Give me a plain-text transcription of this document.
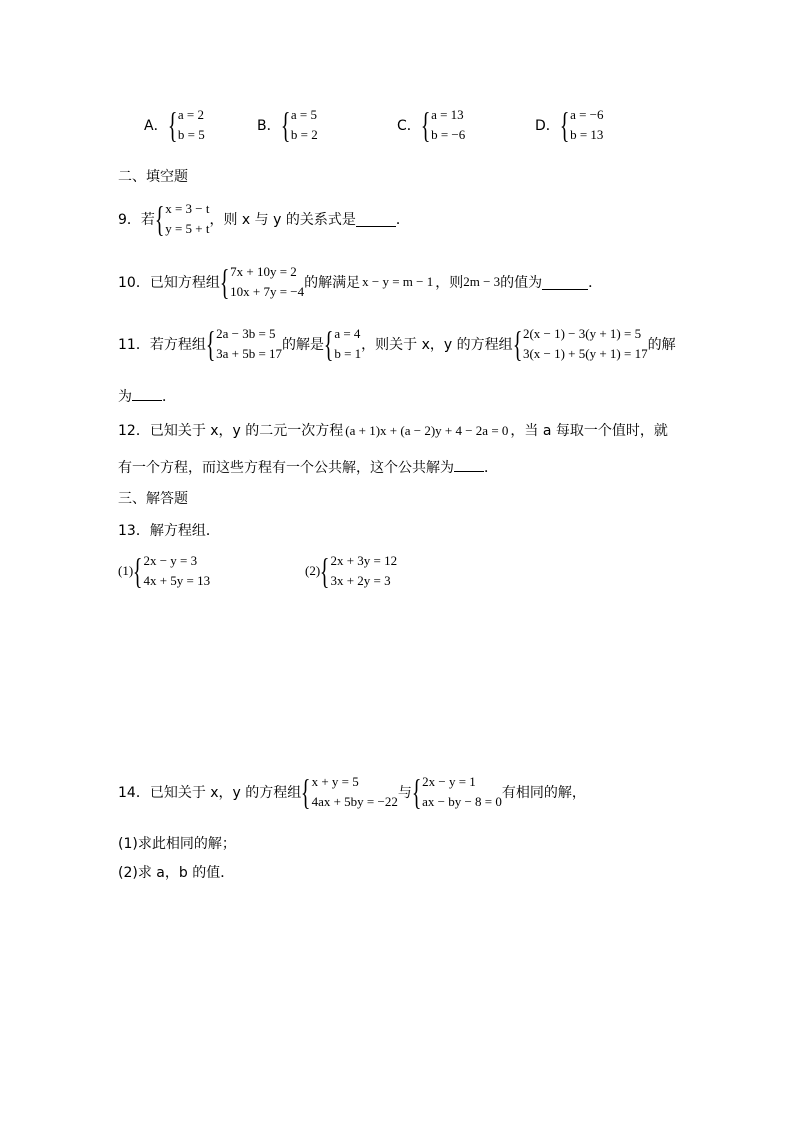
A． { a = 2
b = 5
B． { a = 5
b = 2
C． { a = 13
b = −6
D． { a = −6
b = 13
二、填空题
9．若 { x = 3 − t
y = 5 + t
，则 x 与 y 的关系式是	．
10．已知方程组 { 7x + 10y = 2
10x + 7y = −4
的解满足 x − y = m − 1 ，则2m − 3的值为	．
11．若方程组 { 2a − 3b = 5
3a + 5b = 17
的解是 { a = 4
b = 1
，则关于 x，y 的方程组 { 2(x − 1) − 3(y + 1) = 5
3(x − 1) + 5(y + 1) = 17
的解
为 ．
12．已知关于 x，y 的二元一次方程 (a + 1)x + (a − 2)y + 4 − 2a = 0 ，当 a 每取一个值时，就
有一个方程，而这些方程有一个公共解，这个公共解为 ．
三、解答题
13．解方程组．
(1) { 2x − y = 3
4x + 5y = 13
(2) { 2x + 3y = 12
3x + 2y = 3
14．已知关于 x，y 的方程组 { x + y = 5
4ax + 5by = −22
与 { 2x − y = 1
ax − by − 8 = 0
有相同的解，
(1)求此相同的解；
(2)求 a，b 的值．
